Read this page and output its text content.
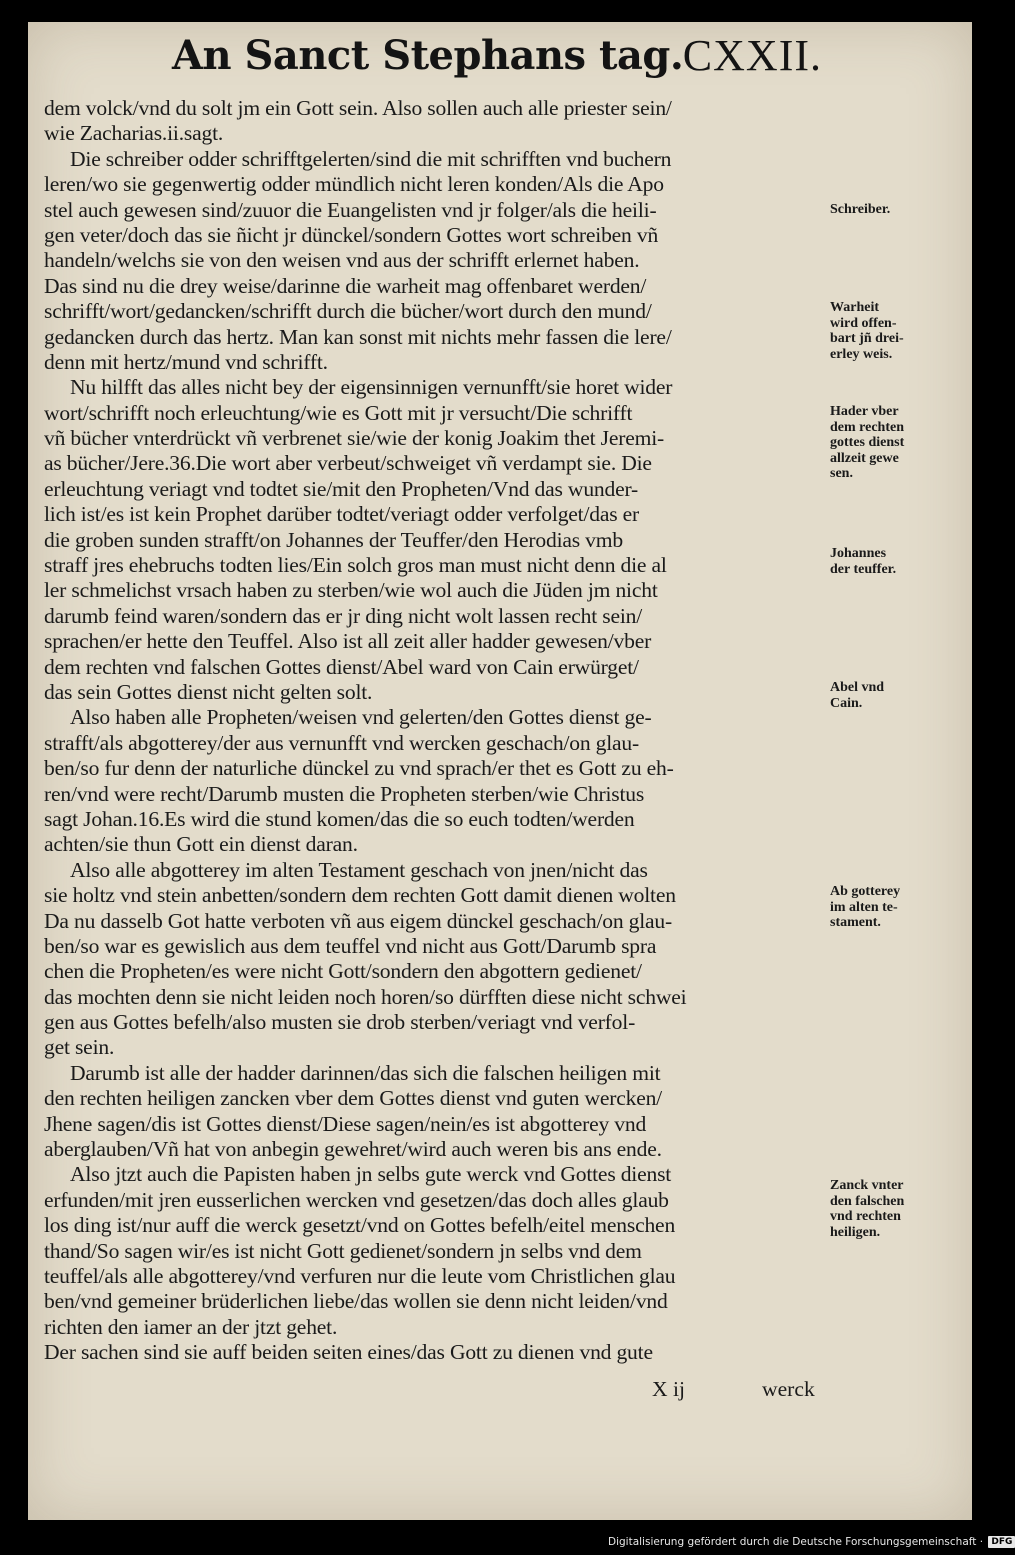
An Sanct Stephans tag. CXXII.
dem volck/vnd du solt jm ein Gott sein. Also sollen auch alle priester sein/
wie Zacharias.ii.sagt.
Die schreiber odder schrifftgelerten/sind die mit schrifften vnd buchern
leren/wo sie gegenwertig odder mündlich nicht leren konden/Als die Apo
stel auch gewesen sind/zuuor die Euangelisten vnd jr folger/als die heili-
gen veter/doch das sie ñicht jr dünckel/sondern Gottes wort schreiben vñ
handeln/welchs sie von den weisen vnd aus der schrifft erlernet haben.
Das sind nu die drey weise/darinne die warheit mag offenbaret werden/
schrifft/wort/gedancken/schrifft durch die bücher/wort durch den mund/
gedancken durch das hertz. Man kan sonst mit nichts mehr fassen die lere/
denn mit hertz/mund vnd schrifft.
Nu hilfft das alles nicht bey der eigensinnigen vernunfft/sie horet wider
wort/schrifft noch erleuchtung/wie es Gott mit jr versucht/Die schrifft
vñ bücher vnterdrückt vñ verbrenet sie/wie der konig Joakim thet Jeremi-
as bücher/Jere.36.Die wort aber verbeut/schweiget vñ verdampt sie. Die
erleuchtung veriagt vnd todtet sie/mit den Propheten/Vnd das wunder-
lich ist/es ist kein Prophet darüber todtet/veriagt odder verfolget/das er
die groben sunden strafft/on Johannes der Teuffer/den Herodias vmb
straff jres ehebruchs todten lies/Ein solch gros man must nicht denn die al
ler schmelichst vrsach haben zu sterben/wie wol auch die Jüden jm nicht
darumb feind waren/sondern das er jr ding nicht wolt lassen recht sein/
sprachen/er hette den Teuffel. Also ist all zeit aller hadder gewesen/vber
dem rechten vnd falschen Gottes dienst/Abel ward von Cain erwürget/
das sein Gottes dienst nicht gelten solt.
Also haben alle Propheten/weisen vnd gelerten/den Gottes dienst ge-
strafft/als abgotterey/der aus vernunfft vnd wercken geschach/on glau-
ben/so fur denn der naturliche dünckel zu vnd sprach/er thet es Gott zu eh-
ren/vnd were recht/Darumb musten die Propheten sterben/wie Christus
sagt Johan.16.Es wird die stund komen/das die so euch todten/werden
achten/sie thun Gott ein dienst daran.
Also alle abgotterey im alten Testament geschach von jnen/nicht das
sie holtz vnd stein anbetten/sondern dem rechten Gott damit dienen wolten
Da nu dasselb Got hatte verboten vñ aus eigem dünckel geschach/on glau-
ben/so war es gewislich aus dem teuffel vnd nicht aus Gott/Darumb spra
chen die Propheten/es were nicht Gott/sondern den abgottern gedienet/
das mochten denn sie nicht leiden noch horen/so dürfften diese nicht schwei
gen aus Gottes befelh/also musten sie drob sterben/veriagt vnd verfol-
get sein.
Darumb ist alle der hadder darinnen/das sich die falschen heiligen mit
den rechten heiligen zancken vber dem Gottes dienst vnd guten wercken/
Jhene sagen/dis ist Gottes dienst/Diese sagen/nein/es ist abgotterey vnd
aberglauben/Vñ hat von anbegin gewehret/wird auch weren bis ans ende.
Also jtzt auch die Papisten haben jn selbs gute werck vnd Gottes dienst
erfunden/mit jren eusserlichen wercken vnd gesetzen/das doch alles glaub
los ding ist/nur auff die werck gesetzt/vnd on Gottes befelh/eitel menschen
thand/So sagen wir/es ist nicht Gott gedienet/sondern jn selbs vnd dem
teuffel/als alle abgotterey/vnd verfuren nur die leute vom Christlichen glau
ben/vnd gemeiner brüderlichen liebe/das wollen sie denn nicht leiden/vnd
richten den iamer an der jtzt gehet.
Der sachen sind sie auff beiden seiten eines/das Gott zu dienen vnd gute
Schreiber.
Warheit
wird offen-
bart jñ drei-
erley weis.
Hader vber
dem rechten
gottes dienst
allzeit gewe
sen.
Johannes
der teuffer.
Abel vnd
Cain.
Ab gotterey
im alten te-
stament.
Zanck vnter
den falschen
vnd rechten
heiligen.
X ij	werck
Digitalisierung gefördert durch die Deutsche Forschungsgemeinschaft · DFG
